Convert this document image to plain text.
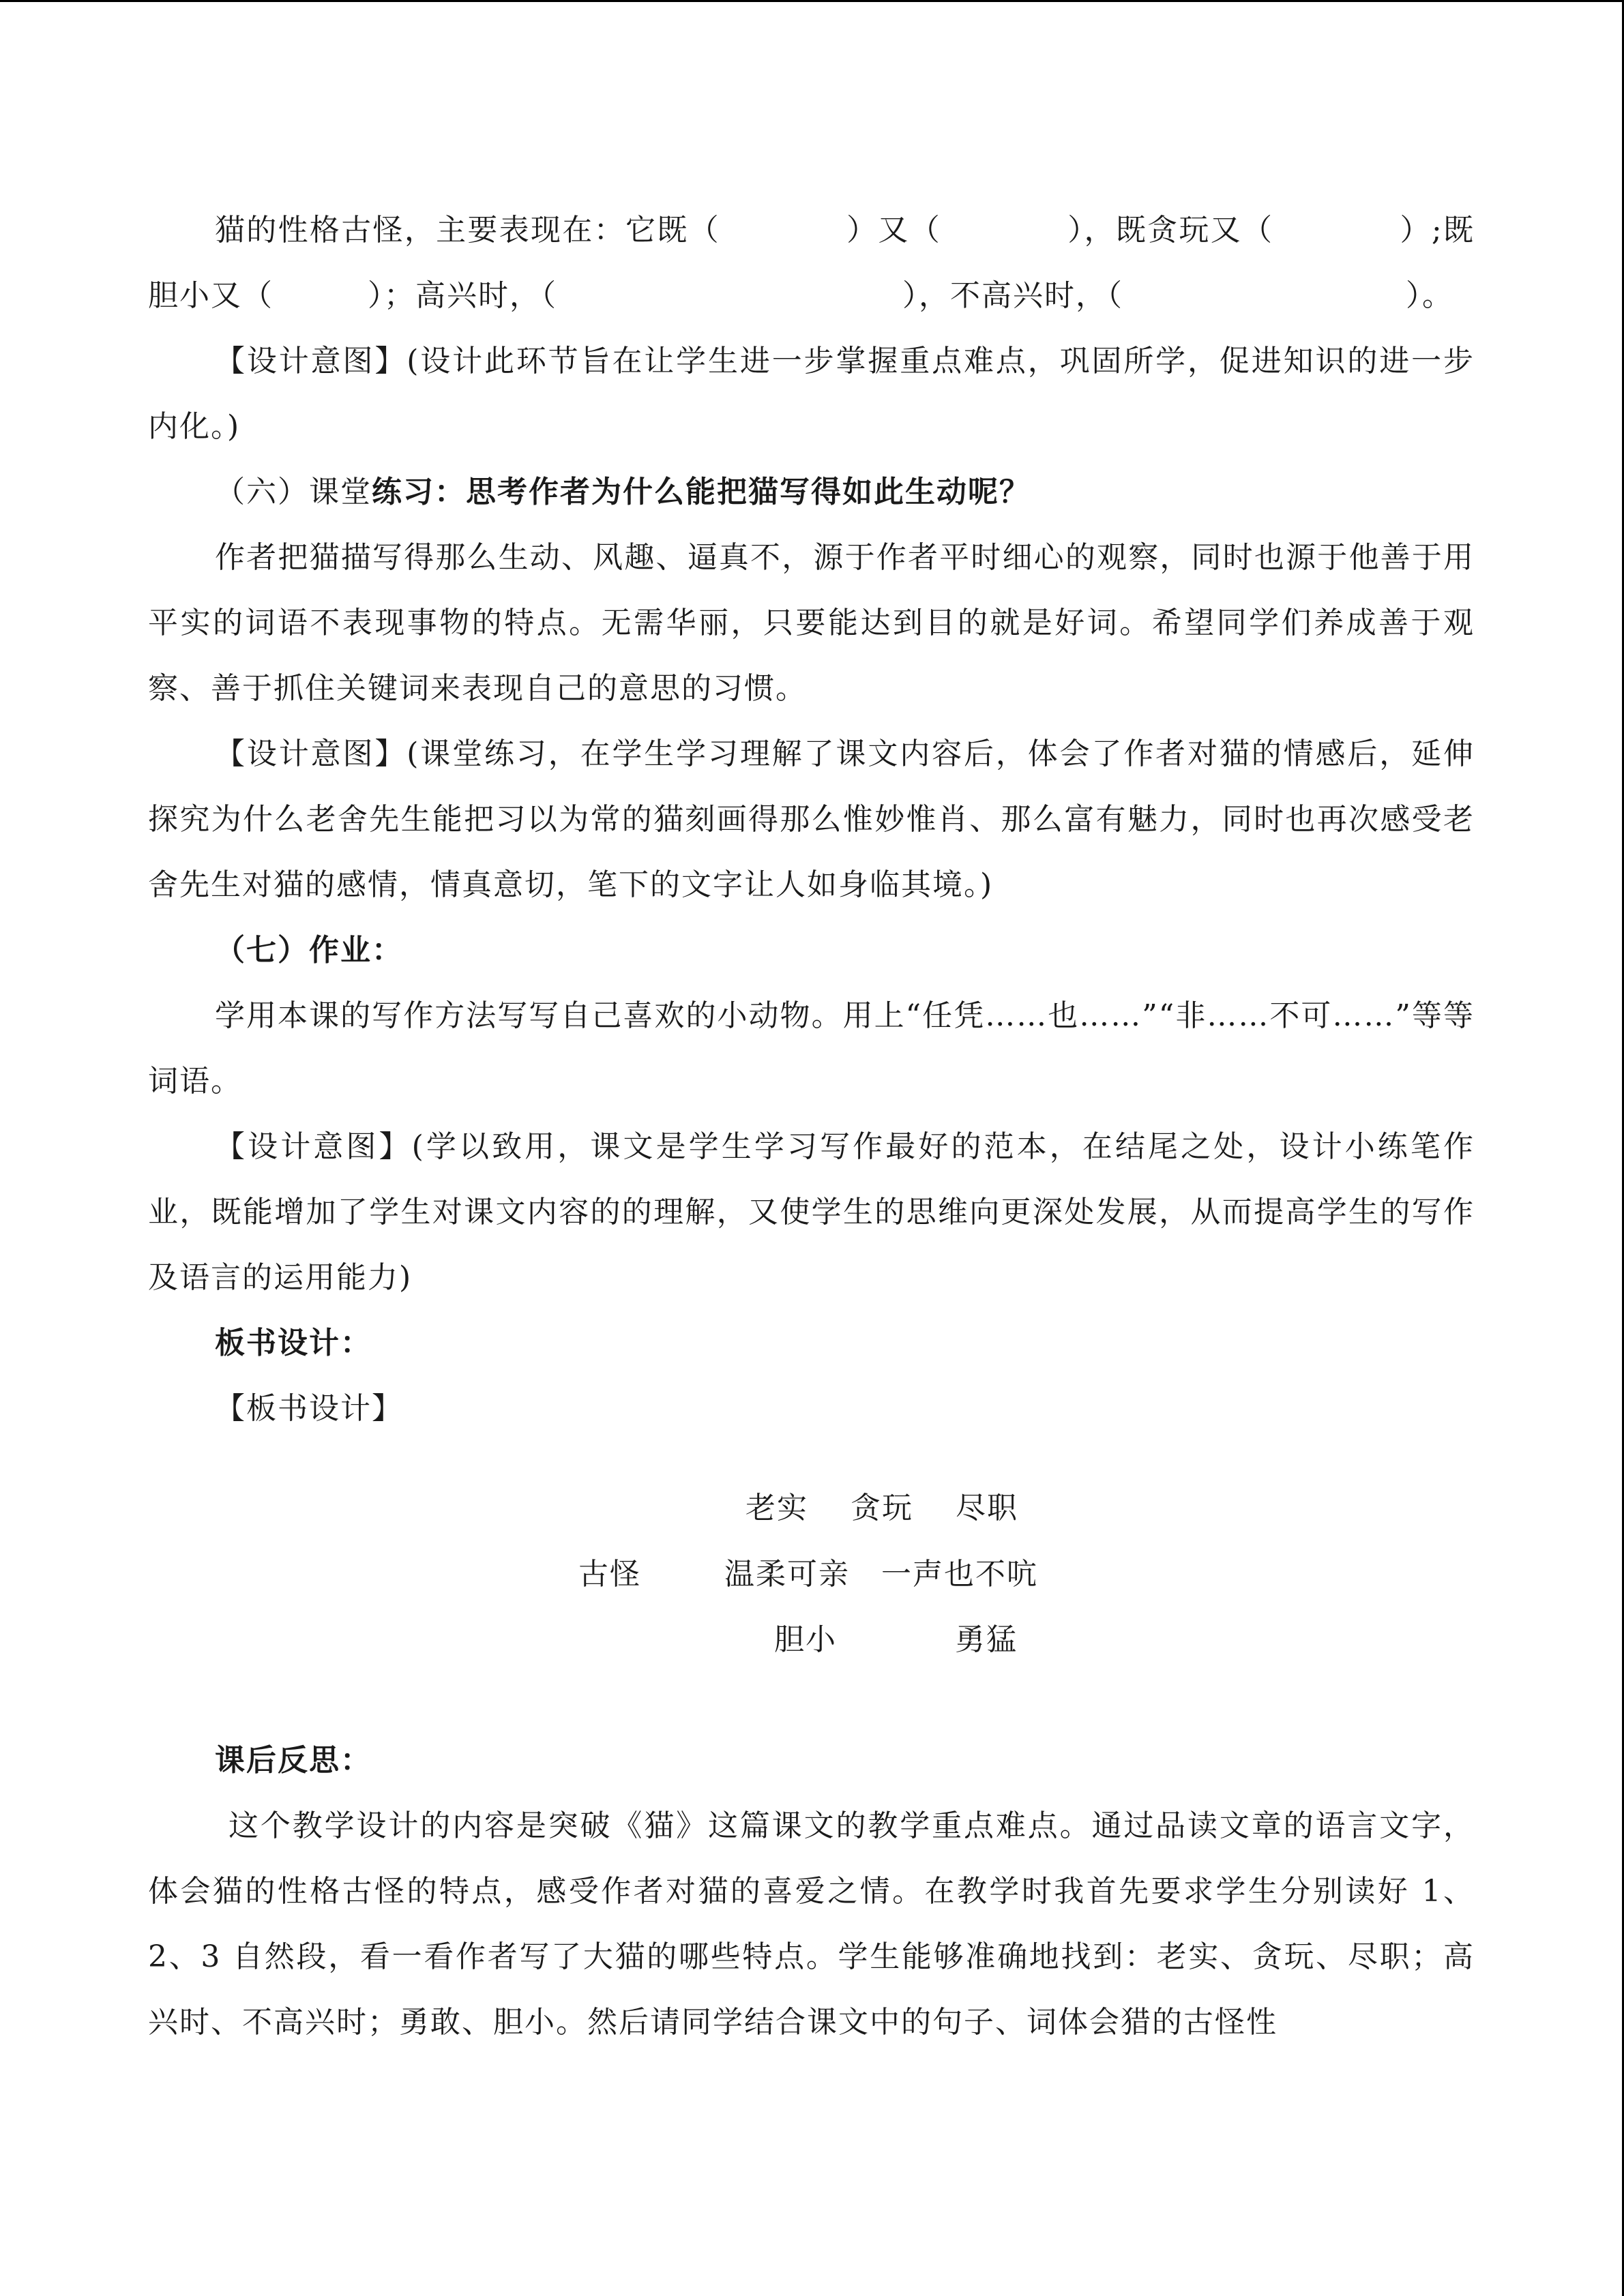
猫的性格古怪，主要表现在：它既（　　　　）又（　　　　），既贪玩又（　　　　）;既胆小又（　　　）；高兴时，（　　　　　　　　　　　），不高兴时，（　　　　　　　　　）。

【设计意图】(设计此环节旨在让学生进一步掌握重点难点，巩固所学，促进知识的进一步内化。)

（六）课堂练习：思考作者为什么能把猫写得如此生动呢？

作者把猫描写得那么生动、风趣、逼真不，源于作者平时细心的观察，同时也源于他善于用平实的词语不表现事物的特点。无需华丽，只要能达到目的就是好词。希望同学们养成善于观察、善于抓住关键词来表现自己的意思的习惯。

【设计意图】(课堂练习，在学生学习理解了课文内容后，体会了作者对猫的情感后，延伸探究为什么老舍先生能把习以为常的猫刻画得那么惟妙惟肖、那么富有魅力，同时也再次感受老舍先生对猫的感情，情真意切，笔下的文字让人如身临其境。)

（七）作业：

学用本课的写作方法写写自己喜欢的小动物。用上“任凭……也……”“非……不可……”等等词语。

【设计意图】(学以致用，课文是学生学习写作最好的范本，在结尾之处，设计小练笔作业，既能增加了学生对课文内容的的理解，又使学生的思维向更深处发展，从而提高学生的写作及语言的运用能力)

板书设计：

【板书设计】

老实　 贪玩　 尽职
古怪	温柔可亲　一声也不吭
胆小	勇猛

课后反思：

这个教学设计的内容是突破《猫》这篇课文的教学重点难点。通过品读文章的语言文字，体会猫的性格古怪的特点，感受作者对猫的喜爱之情。在教学时我首先要求学生分别读好 1、2、3 自然段，看一看作者写了大猫的哪些特点。学生能够准确地找到：老实、贪玩、尽职；高兴时、不高兴时；勇敢、胆小。然后请同学结合课文中的句子、词体会猎的古怪性
